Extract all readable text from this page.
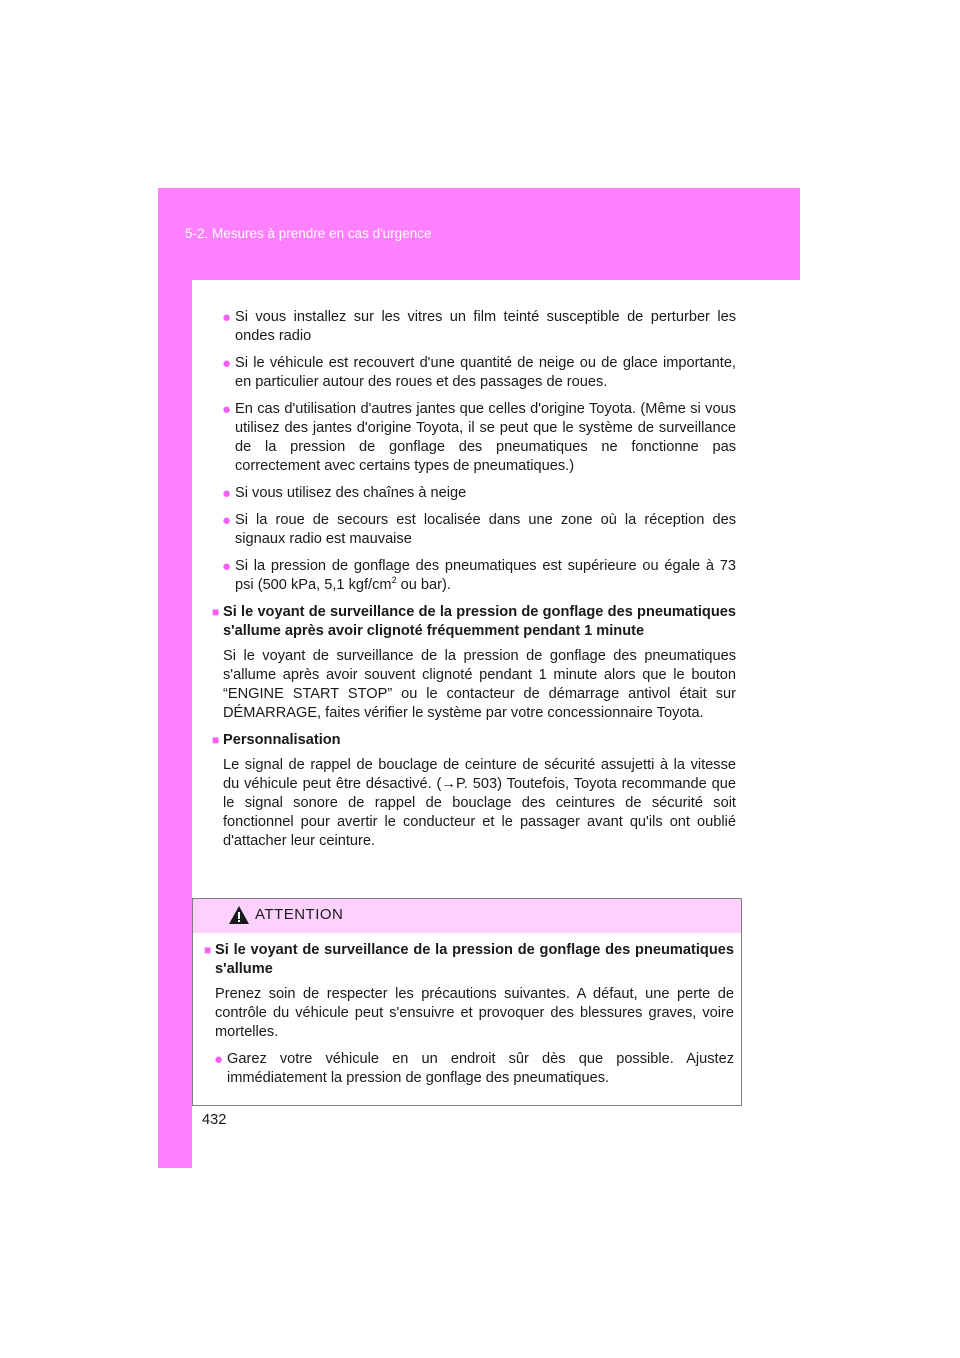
5-2. Mesures à prendre en cas d'urgence
● Si vous installez sur les vitres un film teinté susceptible de perturber les ondes radio
● Si le véhicule est recouvert d'une quantité de neige ou de glace importante, en particulier autour des roues et des passages de roues.
● En cas d'utilisation d'autres jantes que celles d'origine Toyota. (Même si vous utilisez des jantes d'origine Toyota, il se peut que le système de surveillance de la pression de gonflage des pneumatiques ne fonctionne pas correctement avec certains types de pneumatiques.)
● Si vous utilisez des chaînes à neige
● Si la roue de secours est localisée dans une zone où la réception des signaux radio est mauvaise
● Si la pression de gonflage des pneumatiques est supérieure ou égale à 73 psi (500 kPa, 5,1 kgf/$cm^2$ ou bar).
■ Si le voyant de surveillance de la pression de gonflage des pneumatiques s'allume après avoir clignoté fréquemment pendant 1 minute
Si le voyant de surveillance de la pression de gonflage des pneumatiques s'allume après avoir souvent clignoté pendant 1 minute alors que le bouton “ENGINE START STOP” ou le contacteur de démarrage antivol était sur DÉMARRAGE, faites vérifier le système par votre concessionnaire Toyota.
■ Personnalisation
Le signal de rappel de bouclage de ceinture de sécurité assujetti à la vitesse du véhicule peut être désactivé. (→P. 503) Toutefois, Toyota recommande que le signal sonore de rappel de bouclage des ceintures de sécurité soit fonctionnel pour avertir le conducteur et le passager avant qu'ils ont oublié d'attacher leur ceinture.
ATTENTION
■ Si le voyant de surveillance de la pression de gonflage des pneumatiques s'allume
Prenez soin de respecter les précautions suivantes. A défaut, une perte de contrôle du véhicule peut s'ensuivre et provoquer des blessures graves, voire mortelles.
● Garez votre véhicule en un endroit sûr dès que possible. Ajustez immédiatement la pression de gonflage des pneumatiques.
432
